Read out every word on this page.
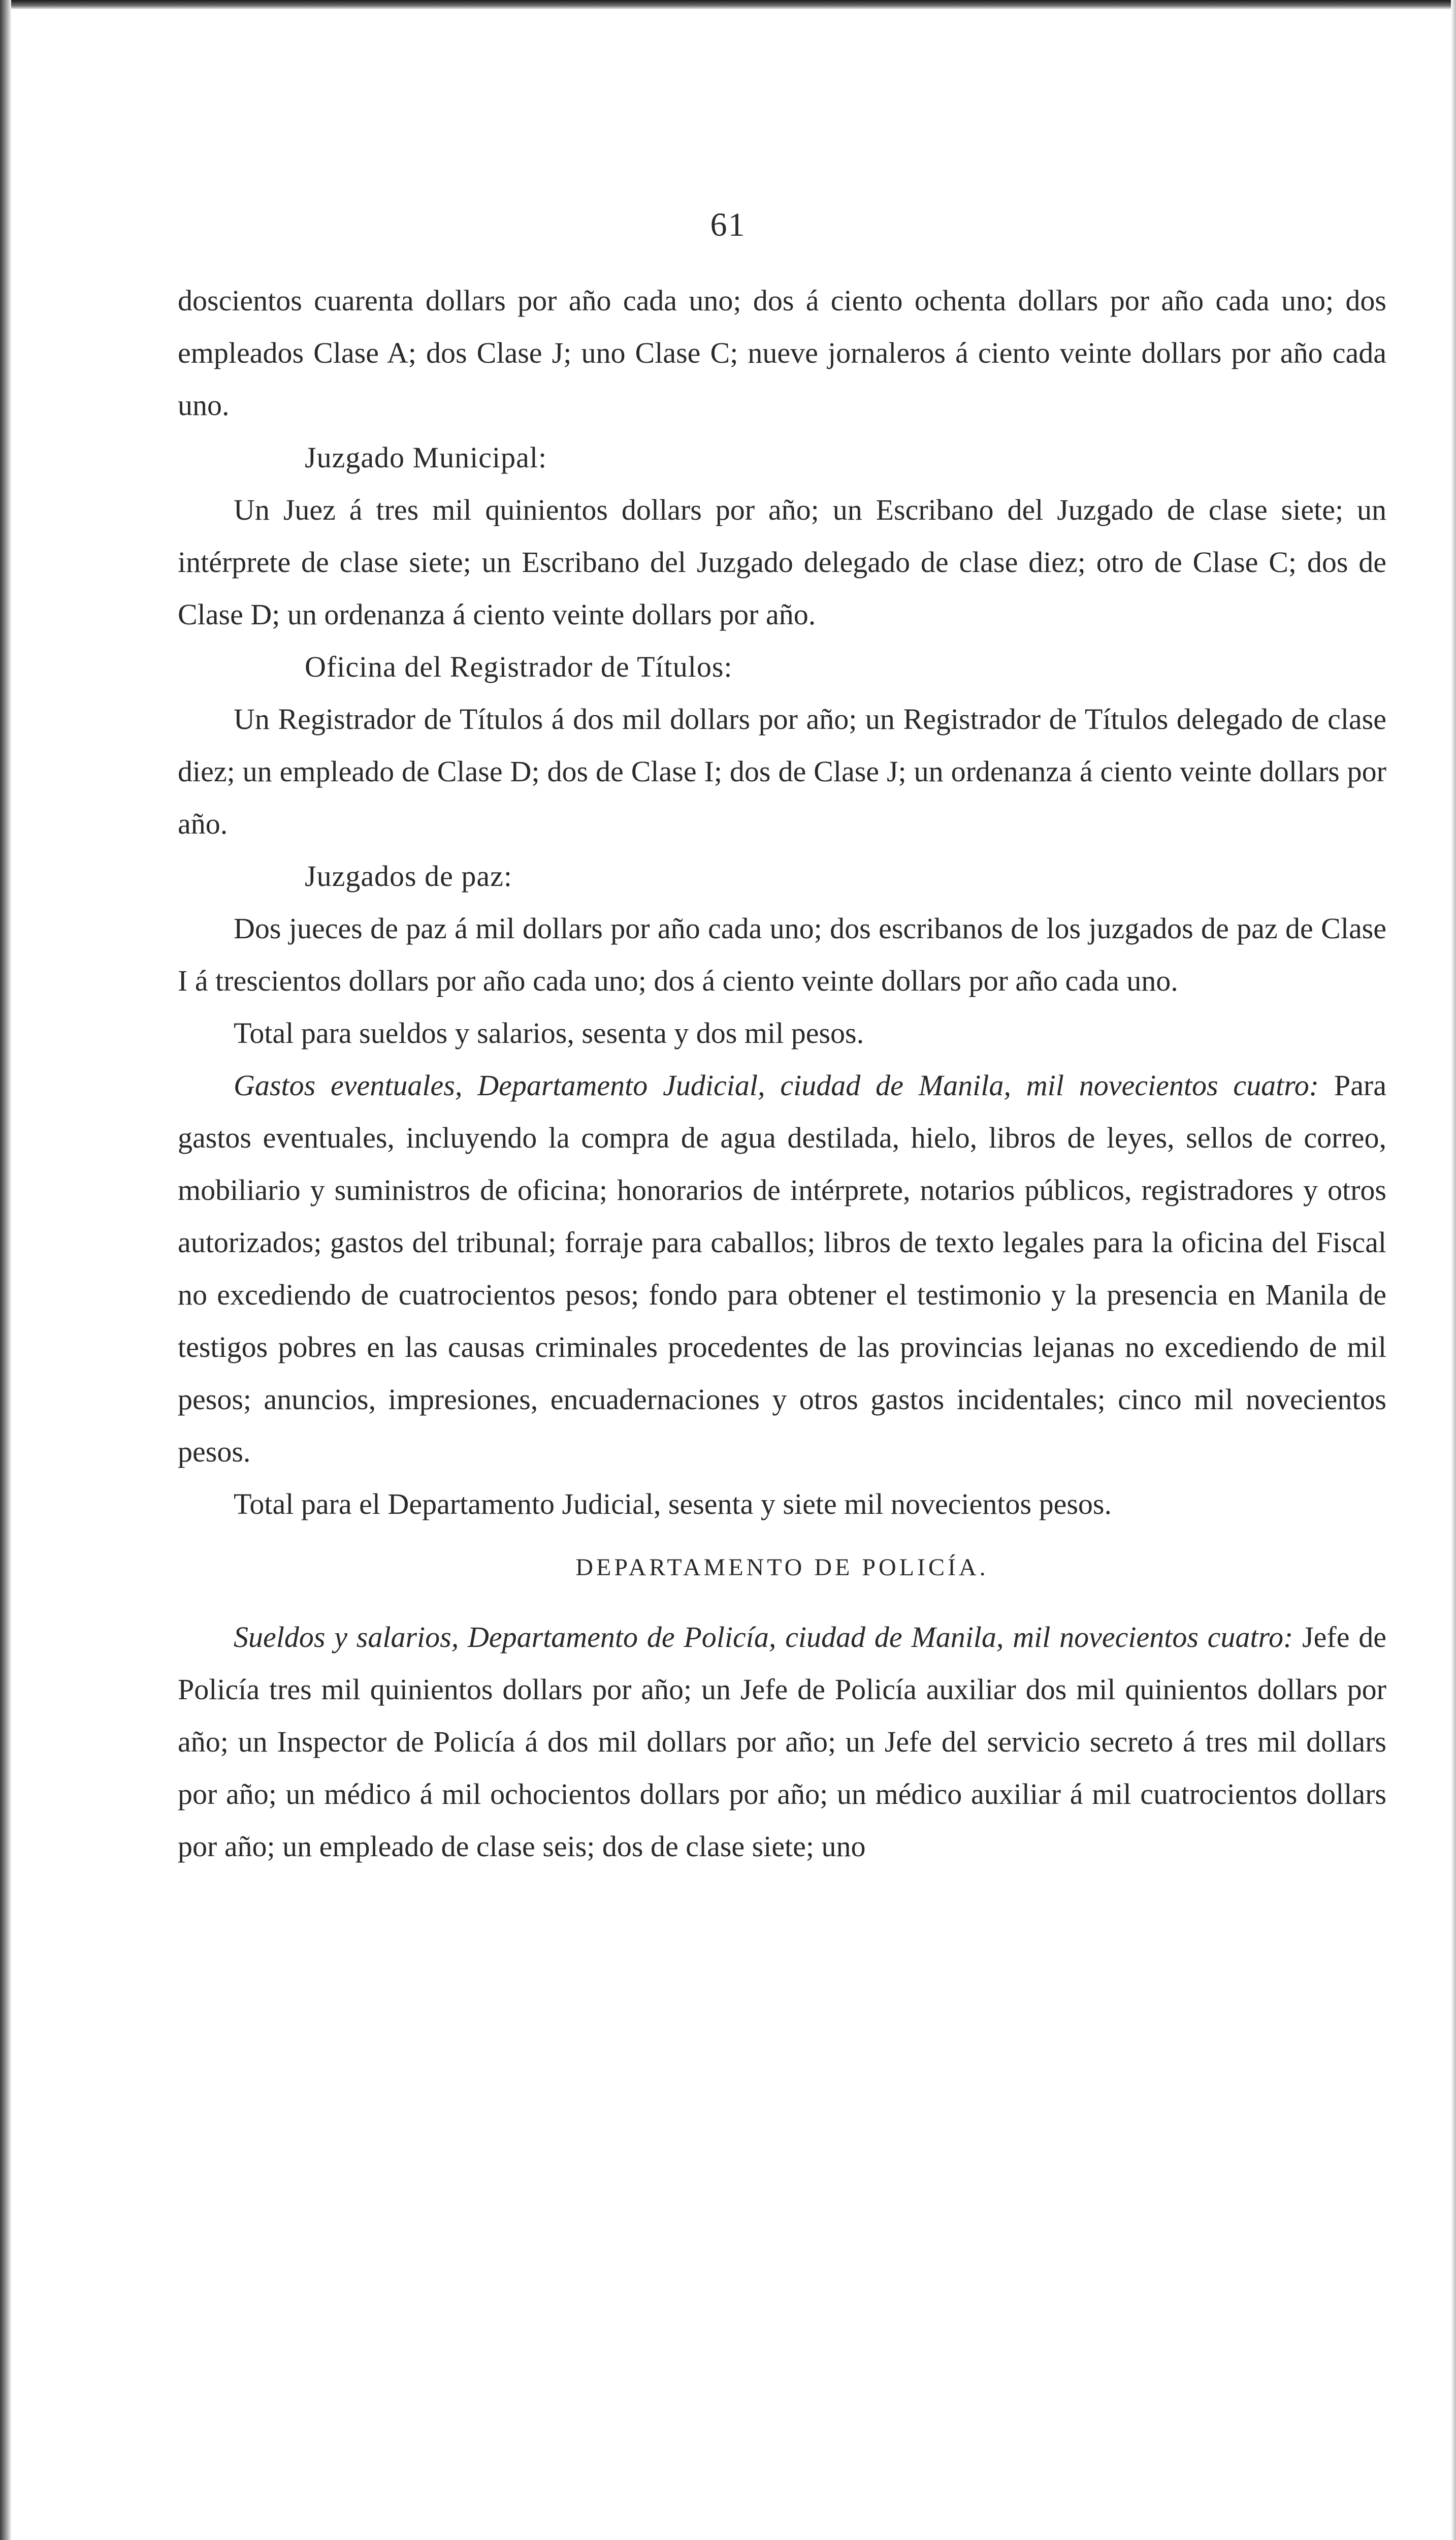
61

doscientos cuarenta dollars por año cada uno; dos á ciento ochenta dollars por año cada uno; dos empleados Clase A; dos Clase J; uno Clase C; nueve jornaleros á ciento veinte dollars por año cada uno.

Juzgado Municipal:

Un Juez á tres mil quinientos dollars por año; un Escribano del Juzgado de clase siete; un intérprete de clase siete; un Escribano del Juzgado delegado de clase diez; otro de Clase C; dos de Clase D; un ordenanza á ciento veinte dollars por año.

Oficina del Registrador de Títulos:

Un Registrador de Títulos á dos mil dollars por año; un Registrador de Títulos delegado de clase diez; un empleado de Clase D; dos de Clase I; dos de Clase J; un ordenanza á ciento veinte dollars por año.

Juzgados de paz:

Dos jueces de paz á mil dollars por año cada uno; dos escribanos de los juzgados de paz de Clase I á trescientos dollars por año cada uno; dos á ciento veinte dollars por año cada uno.

Total para sueldos y salarios, sesenta y dos mil pesos.

Gastos eventuales, Departamento Judicial, ciudad de Manila, mil novecientos cuatro: Para gastos eventuales, incluyendo la compra de agua destilada, hielo, libros de leyes, sellos de correo, mobiliario y suministros de oficina; honorarios de intérprete, notarios públicos, registradores y otros autorizados; gastos del tribunal; forraje para caballos; libros de texto legales para la oficina del Fiscal no excediendo de cuatrocientos pesos; fondo para obtener el testimonio y la presencia en Manila de testigos pobres en las causas criminales procedentes de las provincias lejanas no excediendo de mil pesos; anuncios, impresiones, encuadernaciones y otros gastos incidentales; cinco mil novecientos pesos.

Total para el Departamento Judicial, sesenta y siete mil novecientos pesos.

DEPARTAMENTO DE POLICÍA.

Sueldos y salarios, Departamento de Policía, ciudad de Manila, mil novecientos cuatro: Jefe de Policía tres mil quinientos dollars por año; un Jefe de Policía auxiliar dos mil quinientos dollars por año; un Inspector de Policía á dos mil dollars por año; un Jefe del servicio secreto á tres mil dollars por año; un médico á mil ochocientos dollars por año; un médico auxiliar á mil cuatrocientos dollars por año; un empleado de clase seis; dos de clase siete; uno
